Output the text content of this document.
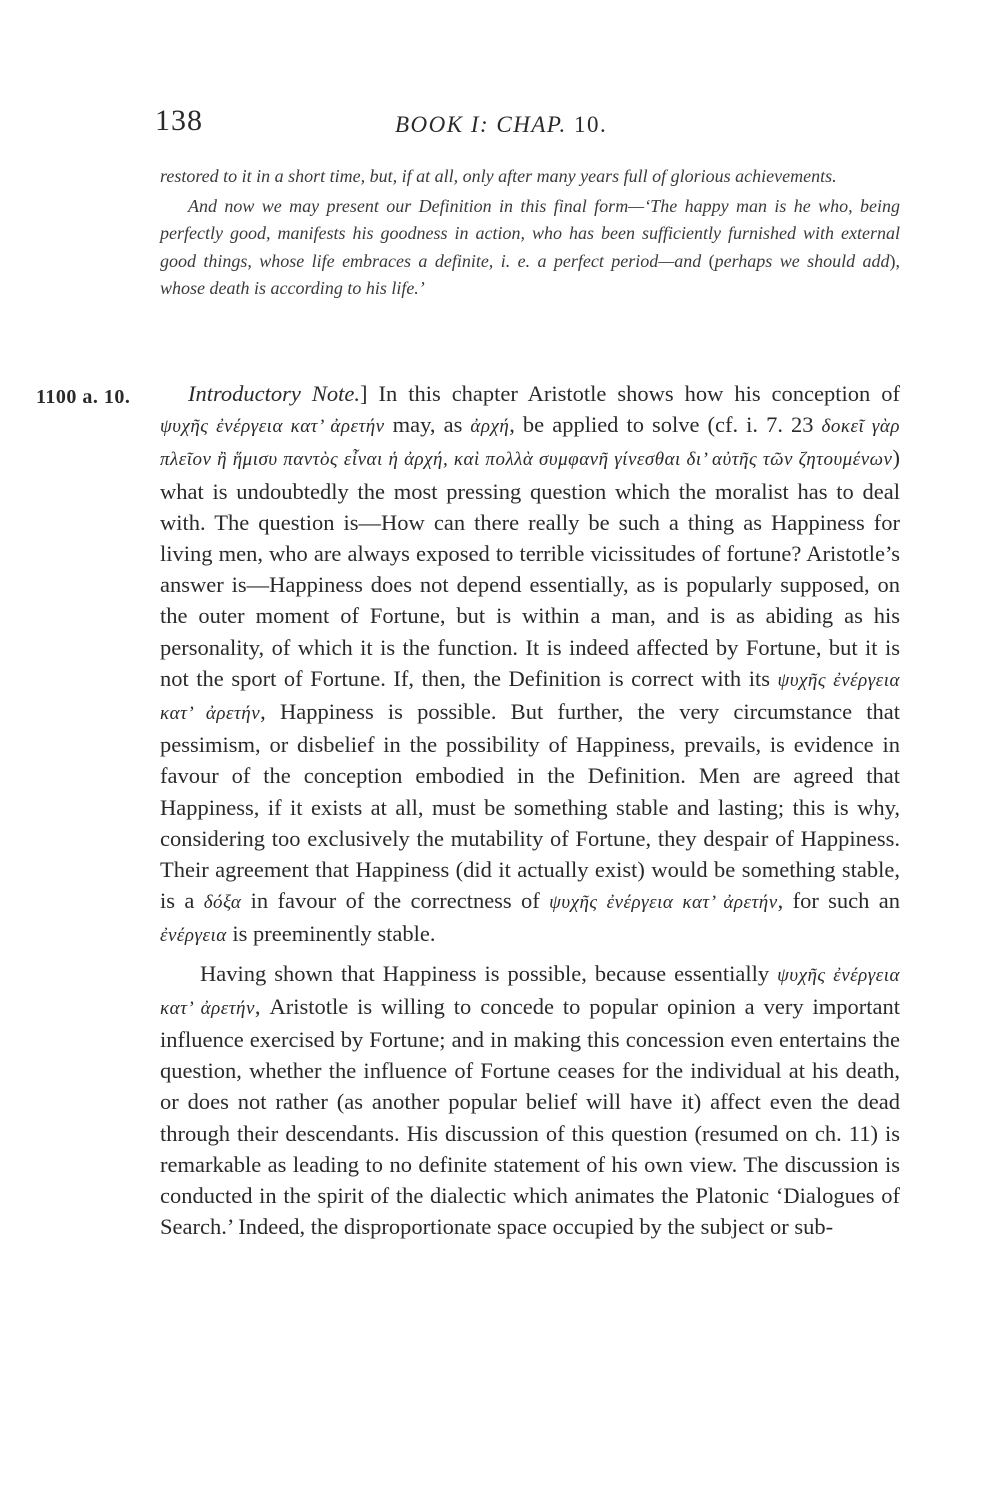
138	BOOK I: CHAP. 10.

restored to it in a short time, but, if at all, only after many years full of glorious achievements.

And now we may present our Definition in this final form—‘The happy man is he who, being perfectly good, manifests his goodness in action, who has been sufficiently furnished with external good things, whose life embraces a definite, i. e. a perfect period—and (perhaps we should add), whose death is according to his life.’

1100 a. 10.	Introductory Note.] In this chapter Aristotle shows how his conception of ψυχῆς ἐνέργεια κατ’ ἀρετήν may, as ἀρχή, be applied to solve (cf. i. 7. 23 δοκεῖ γὰρ πλεῖον ἢ ἥμισυ παντὸς εἶναι ἡ ἀρχή, καὶ πολλὰ συμφανῆ γίνεσθαι δι’ αὐτῆς τῶν ζητουμένων) what is undoubtedly the most pressing question which the moralist has to deal with. The question is—How can there really be such a thing as Happiness for living men, who are always exposed to terrible vicissitudes of fortune? Aristotle’s answer is—Happiness does not depend essentially, as is popularly supposed, on the outer moment of Fortune, but is within a man, and is as abiding as his personality, of which it is the function. It is indeed affected by Fortune, but it is not the sport of Fortune. If, then, the Definition is correct with its ψυχῆς ἐνέργεια κατ’ ἀρετήν, Happiness is possible. But further, the very circumstance that pessimism, or disbelief in the possibility of Happiness, prevails, is evidence in favour of the conception embodied in the Definition. Men are agreed that Happiness, if it exists at all, must be something stable and lasting; this is why, considering too exclusively the mutability of Fortune, they despair of Happiness. Their agreement that Happiness (did it actually exist) would be something stable, is a δόξα in favour of the correctness of ψυχῆς ἐνέργεια κατ’ ἀρετήν, for such an ἐνέργεια is preeminently stable.

Having shown that Happiness is possible, because essentially ψυχῆς ἐνέργεια κατ’ ἀρετήν, Aristotle is willing to concede to popular opinion a very important influence exercised by Fortune; and in making this concession even entertains the question, whether the influence of Fortune ceases for the individual at his death, or does not rather (as another popular belief will have it) affect even the dead through their descendants. His discussion of this question (resumed on ch. 11) is remarkable as leading to no definite statement of his own view. The discussion is conducted in the spirit of the dialectic which animates the Platonic ‘Dialogues of Search.’ Indeed, the disproportionate space occupied by the subject or sub-
